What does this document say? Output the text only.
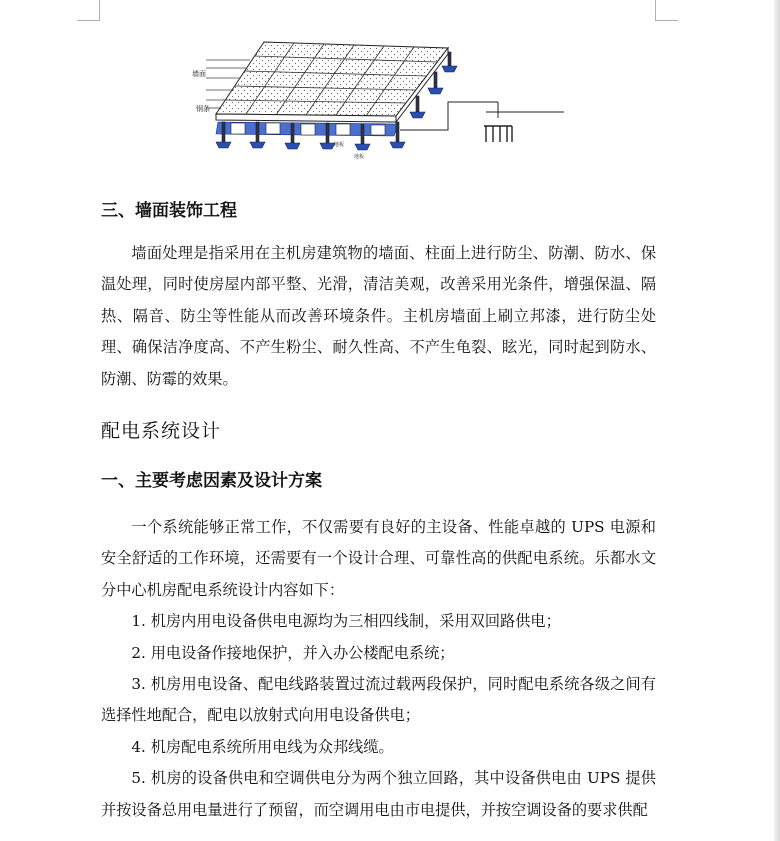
墙面
钢条
地板
地板
三、墙面装饰工程

墙面处理是指采用在主机房建筑物的墙面、柱面上进行防尘、防潮、防水、保温处理，同时使房屋内部平整、光滑，清洁美观，改善采用光条件，增强保温、隔热、隔音、防尘等性能从而改善环境条件。主机房墙面上刷立邦漆，进行防尘处理、确保洁净度高、不产生粉尘、耐久性高、不产生龟裂、眩光，同时起到防水、防潮、防霉的效果。

配电系统设计
一、主要考虑因素及设计方案

一个系统能够正常工作，不仅需要有良好的主设备、性能卓越的 UPS 电源和安全舒适的工作环境，还需要有一个设计合理、可靠性高的供配电系统。乐都水文分中心机房配电系统设计内容如下：

1. 机房内用电设备供电电源均为三相四线制，采用双回路供电；

2. 用电设备作接地保护，并入办公楼配电系统；

3. 机房用电设备、配电线路装置过流过载两段保护，同时配电系统各级之间有选择性地配合，配电以放射式向用电设备供电；

4. 机房配电系统所用电线为众邦线缆。

5. 机房的设备供电和空调供电分为两个独立回路，其中设备供电由 UPS 提供并按设备总用电量进行了预留，而空调用电由市电提供，并按空调设备的要求供配
